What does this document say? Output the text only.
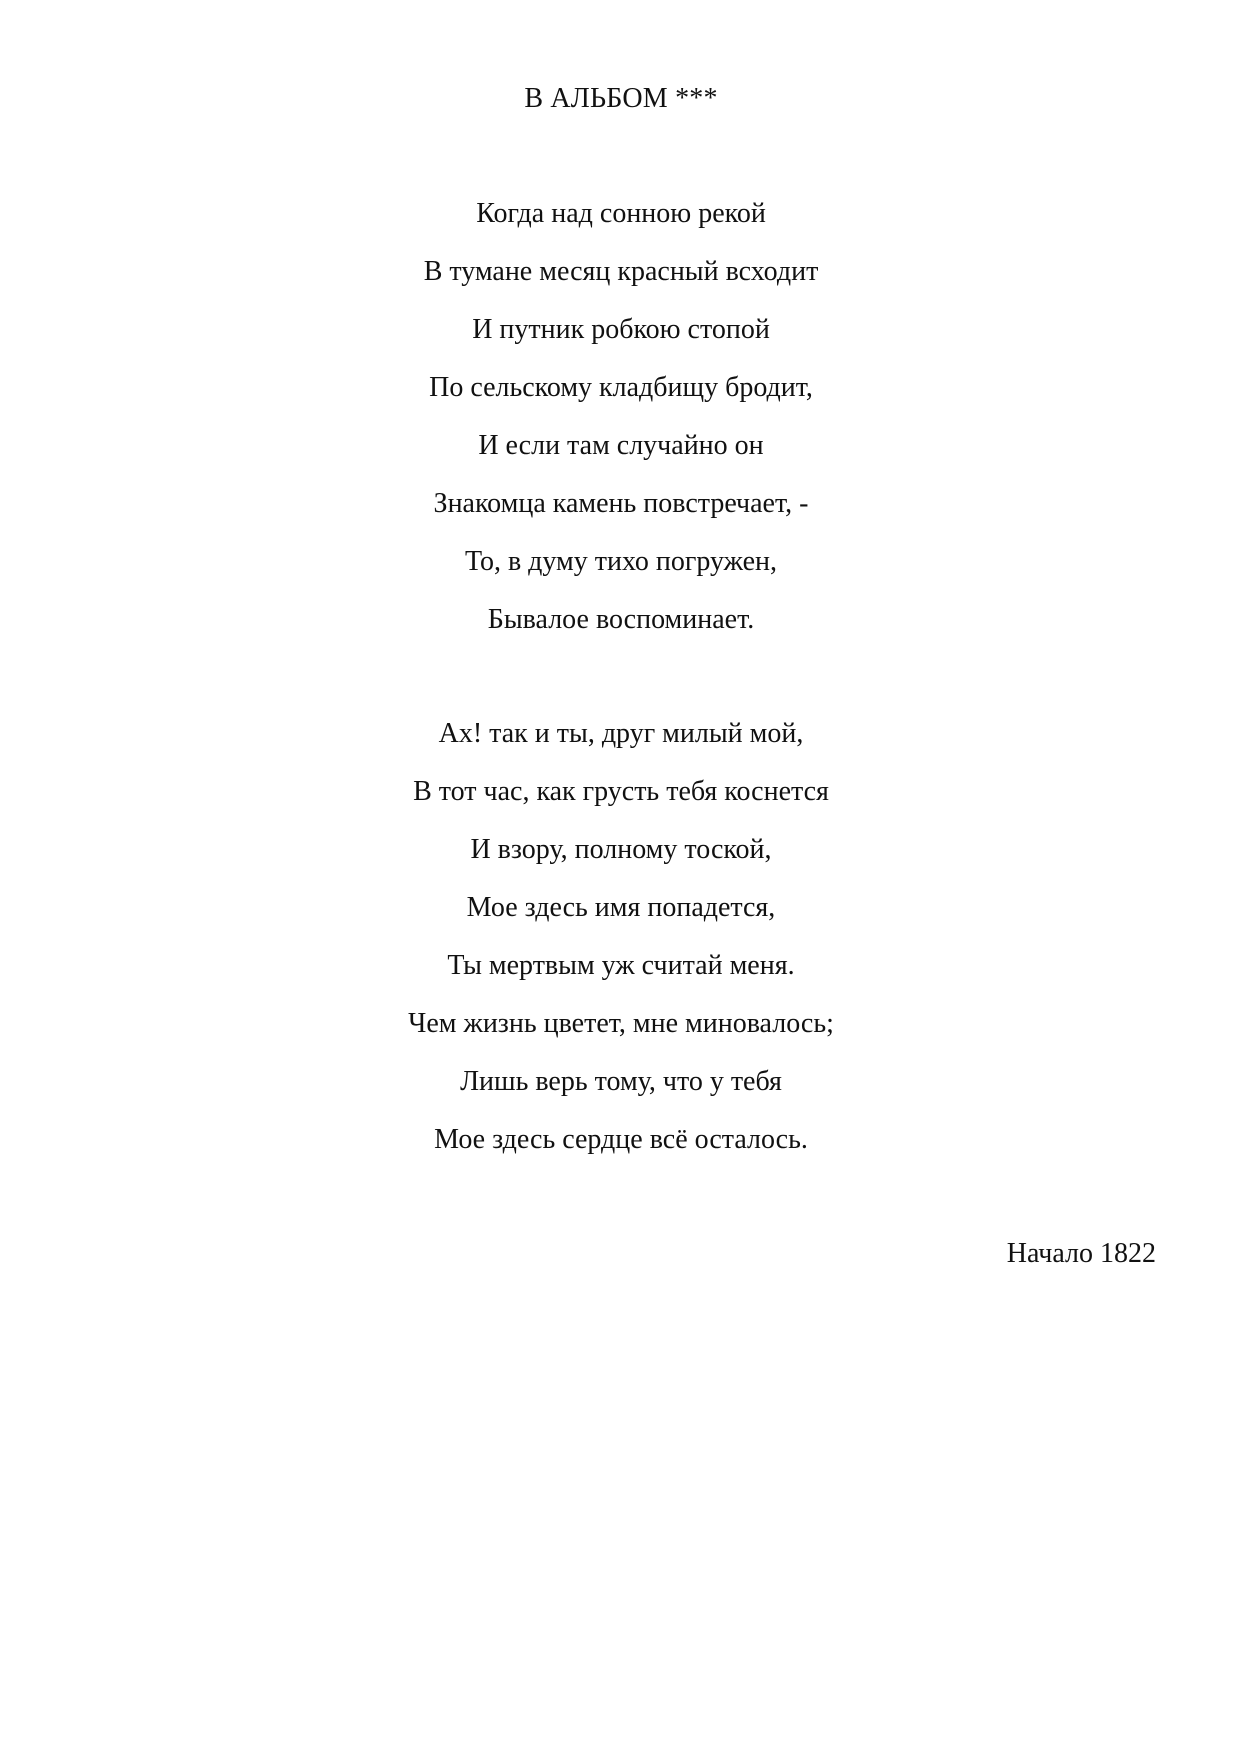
В АЛЬБОМ ***
Когда над сонною рекой
В тумане месяц красный всходит
И путник робкою стопой
По сельскому кладбищу бродит,
И если там случайно он
Знакомца камень повстречает, -
То, в думу тихо погружен,
Бывалое воспоминает.
Ах! так и ты, друг милый мой,
В тот час, как грусть тебя коснется
И взору, полному тоской,
Мое здесь имя попадется,
Ты мертвым уж считай меня.
Чем жизнь цветет, мне миновалось;
Лишь верь тому, что у тебя
Мое здесь сердце всё осталось.
Начало 1822
